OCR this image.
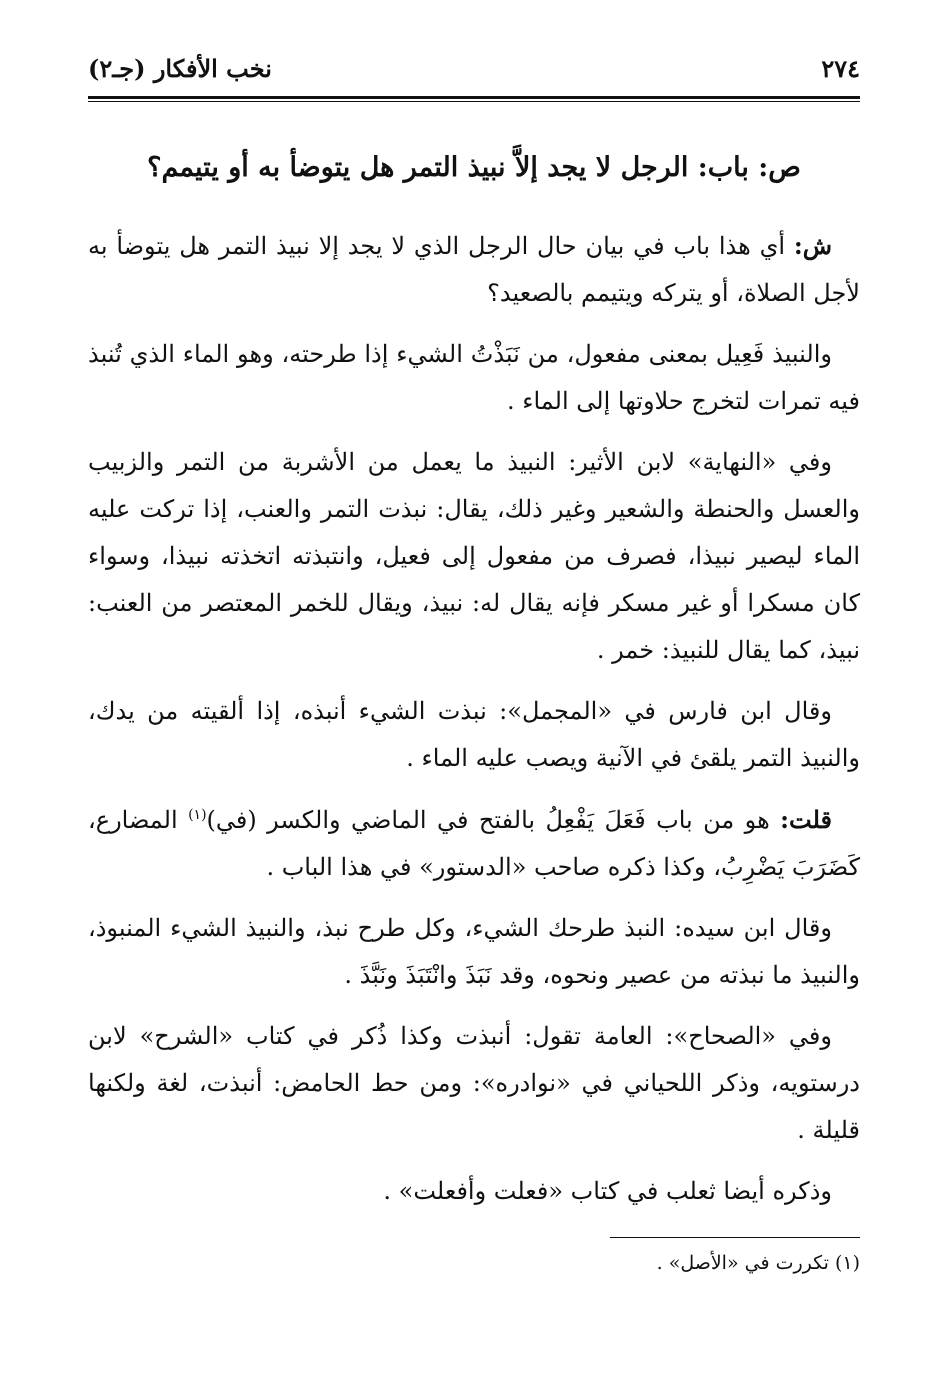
٢٧٤
نخب الأفكار (جـ٢)
ص: باب: الرجل لا يجد إلاَّ نبيذ التمر هل يتوضأ به أو يتيمم؟

ش: أي هذا باب في بيان حال الرجل الذي لا يجد إلا نبيذ التمر هل يتوضأ به لأجل الصلاة، أو يتركه ويتيمم بالصعيد؟

والنبيذ فَعِيل بمعنى مفعول، من نَبَذْتُ الشيء إذا طرحته، وهو الماء الذي تُنبذ فيه تمرات لتخرج حلاوتها إلى الماء .

وفي «النهاية» لابن الأثير: النبيذ ما يعمل من الأشربة من التمر والزبيب والعسل والحنطة والشعير وغير ذلك، يقال: نبذت التمر والعنب، إذا تركت عليه الماء ليصير نبيذا، فصرف من مفعول إلى فعيل، وانتبذته اتخذته نبيذا، وسواء كان مسكرا أو غير مسكر فإنه يقال له: نبيذ، ويقال للخمر المعتصر من العنب: نبيذ، كما يقال للنبيذ: خمر .

وقال ابن فارس في «المجمل»: نبذت الشيء أنبذه، إذا ألقيته من يدك، والنبيذ التمر يلقئ في الآنية ويصب عليه الماء .

قلت: هو من باب فَعَلَ يَفْعِلُ بالفتح في الماضي والكسر (في)$^{(١)}$ المضارع، كَضَرَبَ يَضْرِبُ، وكذا ذكره صاحب «الدستور» في هذا الباب .

وقال ابن سيده: النبذ طرحك الشيء، وكل طرح نبذ، والنبيذ الشيء المنبوذ، والنبيذ ما نبذته من عصير ونحوه، وقد نَبَذَ وانْتَبَذَ ونَبَّذَ .

وفي «الصحاح»: العامة تقول: أنبذت وكذا ذُكر في كتاب «الشرح» لابن درستويه، وذكر اللحياني في «نوادره»: ومن حط الحامض: أنبذت، لغة ولكنها قليلة .

وذكره أيضا ثعلب في كتاب «فعلت وأفعلت» .

(١) تكررت في «الأصل» .
